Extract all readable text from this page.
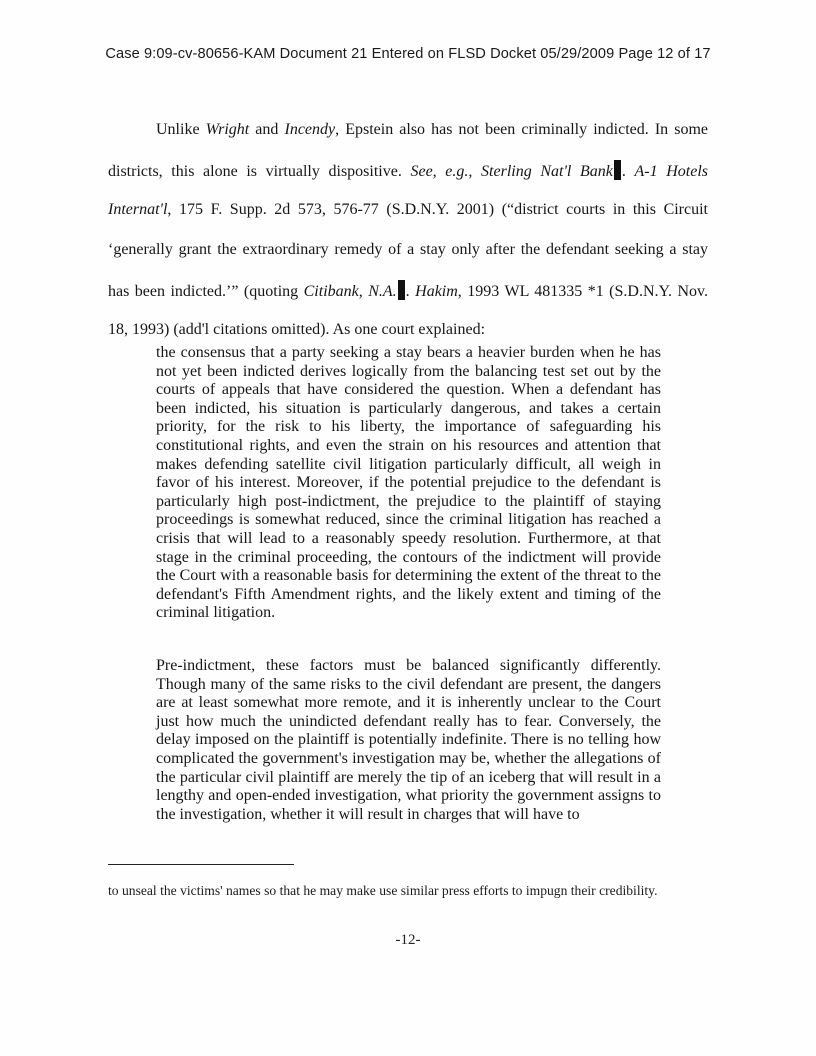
Case 9:09-cv-80656-KAM Document 21 Entered on FLSD Docket 05/29/2009 Page 12 of 17
Unlike Wright and Incendy, Epstein also has not been criminally indicted. In some
districts, this alone is virtually dispositive. See, e.g., Sterling Nat'l Bank . A-1 Hotels
Internat'l, 175 F. Supp. 2d 573, 576-77 (S.D.N.Y. 2001) (“district courts in this Circuit
‘generally grant the extraordinary remedy of a stay only after the defendant seeking a stay
has been indicted.’” (quoting Citibank, N.A. . Hakim, 1993 WL 481335 *1 (S.D.N.Y. Nov.
18, 1993) (add'l citations omitted). As one court explained:

the consensus that a party seeking a stay bears a heavier burden when he has not yet been indicted derives logically from the balancing test set out by the courts of appeals that have considered the question. When a defendant has been indicted, his situation is particularly dangerous, and takes a certain priority, for the risk to his liberty, the importance of safeguarding his constitutional rights, and even the strain on his resources and attention that makes defending satellite civil litigation particularly difficult, all weigh in favor of his interest. Moreover, if the potential prejudice to the defendant is particularly high post-indictment, the prejudice to the plaintiff of staying proceedings is somewhat reduced, since the criminal litigation has reached a crisis that will lead to a reasonably speedy resolution. Furthermore, at that stage in the criminal proceeding, the contours of the indictment will provide the Court with a reasonable basis for determining the extent of the threat to the defendant's Fifth Amendment rights, and the likely extent and timing of the criminal litigation.

Pre-indictment, these factors must be balanced significantly differently. Though many of the same risks to the civil defendant are present, the dangers are at least somewhat more remote, and it is inherently unclear to the Court just how much the unindicted defendant really has to fear. Conversely, the delay imposed on the plaintiff is potentially indefinite. There is no telling how complicated the government's investigation may be, whether the allegations of the particular civil plaintiff are merely the tip of an iceberg that will result in a lengthy and open-ended investigation, what priority the government assigns to the investigation, whether it will result in charges that will have to

to unseal the victims' names so that he may make use similar press efforts to impugn their credibility.

-12-
